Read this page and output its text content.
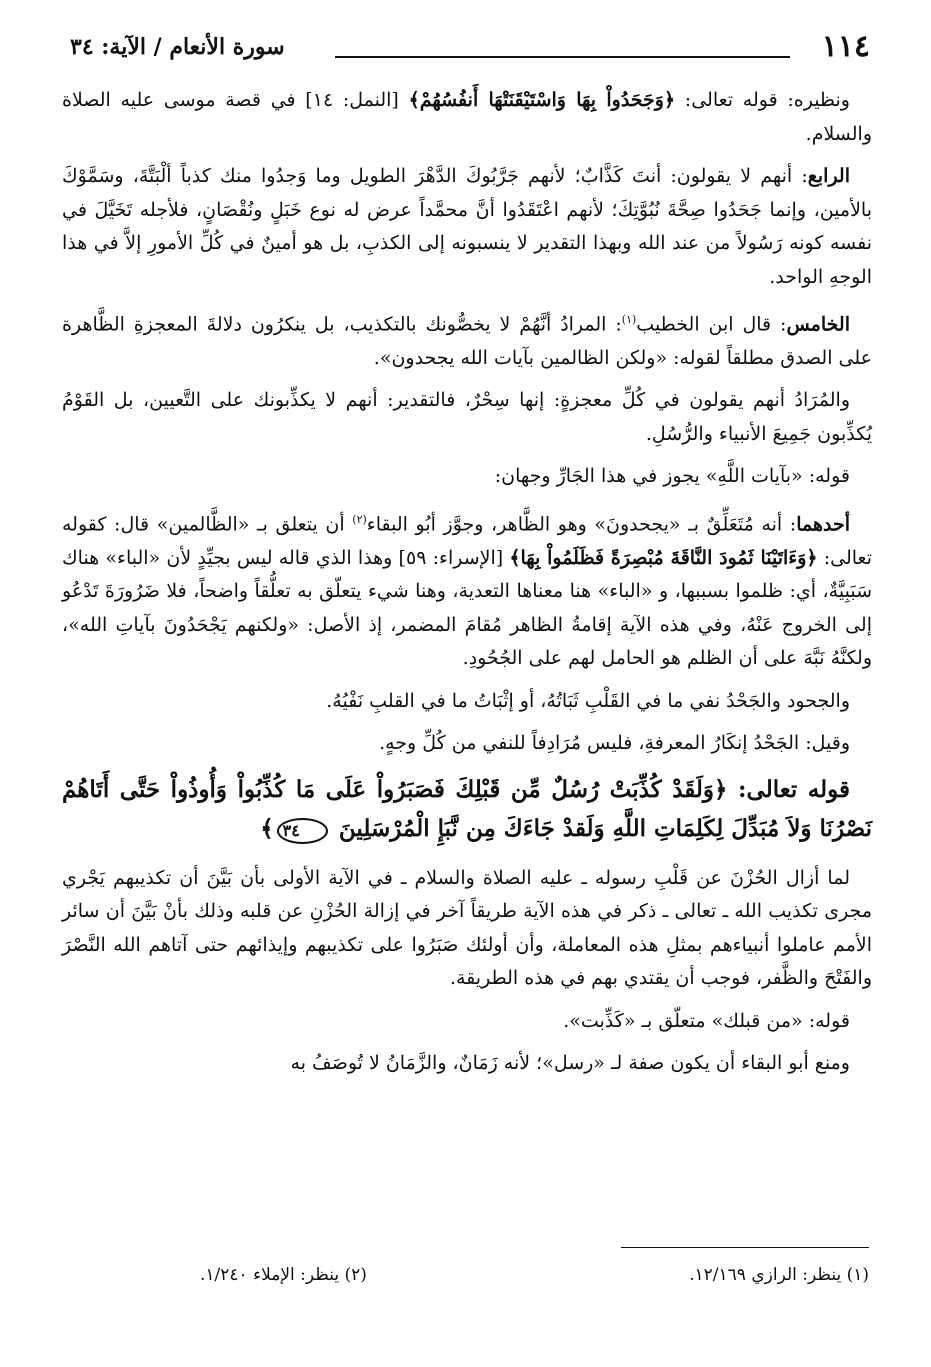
١١٤
سورة الأنعام / الآية: ٣٤

ونظيره: قوله تعالى: ﴿وَجَحَدُواْ بِهَا وَاسْتَيْقَنَتْهَا أَنفُسُهُمْ﴾ [النمل: ١٤] في قصة موسى عليه الصلاة والسلام.

الرابع: أنهم لا يقولون: أنتَ كَذَّابٌ؛ لأنهم جَرَّبُوكَ الدَّهْرَ الطويل وما وَجدُوا منك كذباً ألْبَتَّةَ، وسَمَّوْكَ بالأمين، وإنما جَحَدُوا صِحَّةَ نُبُوَّتِكَ؛ لأنهم اعْتَقَدُوا أنَّ محمَّداً عرض له نوع خَبَلٍ ونُقْصَانٍ، فلأجله تَخَيَّلَ في نفسه كونه رَسُولاً من عند الله وبهذا التقدير لا ينسبونه إلى الكذبِ، بل هو أمينٌ في كُلِّ الأمورِ إلاَّ في هذا الوجهِ الواحد.

الخامس: قال ابن الخطيب$^{(١)}$: المرادُ أنَّهُمْ لا يخصُّونك بالتكذيب، بل ينكرُون دلالةَ المعجزةِ الظَّاهرة على الصدق مطلقاً لقوله: «ولكن الظالمين بآيات الله يجحدون».

والمُرَادُ أنهم يقولون في كُلِّ معجزةٍ: إنها سِحْرٌ، فالتقدير: أنهم لا يكذِّبونك على التَّعيين، بل القَوْمُ يُكذِّبون جَمِيعَ الأنبياء والرُّسُلِ.

قوله: «بآيات اللَّهِ» يجوز في هذا الجَارِّ وجهان:

أحدهما: أنه مُتَعَلِّقٌ بـ «يجحدونَ» وهو الظَّاهر، وجوَّز أبُو البقاء$^{(٢)}$ أن يتعلق بـ «الظَّالمين» قال: كقوله تعالى: ﴿وَءَاتَيْنَا ثَمُودَ النَّاقَةَ مُبْصِرَةً فَظَلَمُواْ بِهَا﴾ [الإسراء: ٥٩] وهذا الذي قاله ليس بجيِّدٍ لأن «الباء» هناك سَبَبِيَّةٌ، أي: ظلموا بسببها، و «الباء» هنا معناها التعدية، وهنا شيء يتعلّق به تعلُّقاً واضحاً، فلا ضَرُورَةَ تَدْعُو إلى الخروج عَنْهُ، وفي هذه الآية إقامةُ الظاهر مُقامَ المضمر، إذ الأصل: «ولكنهم يَجْحَدُونَ بآياتِ الله»، ولكنَّهُ نَبَّهَ على أن الظلم هو الحامل لهم على الجُحُودِ.

والجحود والجَحْدُ نفي ما في القَلْبِ ثَبَاتُهُ، أو إثْبَاتُ ما في القلبِ نَفْيُهُ.

وقيل: الجَحْدُ إنكَارُ المعرفةِ، فليس مُرَادِفاً للنفي من كُلِّ وجهٍ.

قوله تعالى: ﴿وَلَقَدْ كُذِّبَتْ رُسُلٌ مِّن قَبْلِكَ فَصَبَرُواْ عَلَى مَا كُذِّبُواْ وَأُوذُواْ حَتَّى أَتَاهُمْ نَصْرُنَا وَلاَ مُبَدِّلَ لِكَلِمَاتِ اللَّهِ وَلَقدْ جَاءَكَ مِن نَّبَإِ الْمُرْسَلِينَ ٣٤﴾

لما أزال الحُزْنَ عن قَلْبِ رسوله ـ عليه الصلاة والسلام ـ في الآية الأولى بأن بَيَّنَ أن تكذيبهم يَجْري مجرى تكذيب الله ـ تعالى ـ ذكر في هذه الآية طريقاً آخر في إزالة الحُزْنِ عن قلبه وذلك بأنْ بَيَّنَ أن سائر الأمم عاملوا أنبياءهم بمثلِ هذه المعاملة، وأن أولئك صَبَرُوا على تكذيبهم وإيذائهم حتى آتاهم الله النَّصْرَ والفَتْحَ والظَّفر، فوجب أن يقتدي بهم في هذه الطريقة.

قوله: «من قبلك» متعلّق بـ «كَذِّبت».

ومنع أبو البقاء أن يكون صفة لـ «رسل»؛ لأنه زَمَانٌ، والزَّمَانُ لا تُوصَفُ به

(١) ينظر: الرازي ١٢/١٦٩.
(٢) ينظر: الإملاء ١/٢٤٠.
